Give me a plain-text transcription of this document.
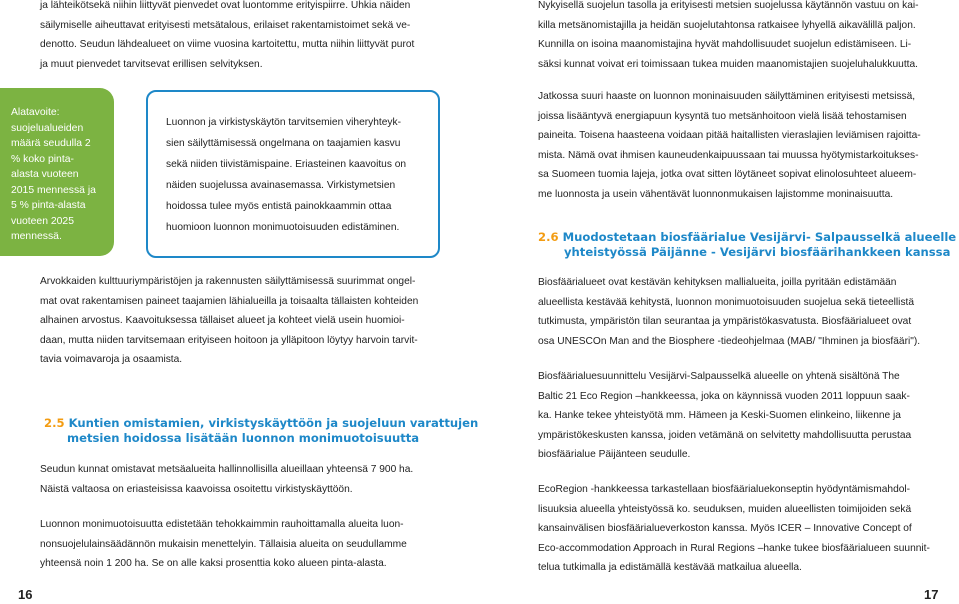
ja lähteikötsekä niihin liittyvät pienvedet ovat luontomme erityispiirre. Uhkia näiden
säilymiselle aiheuttavat erityisesti metsätalous, erilaiset rakentamistoimet sekä ve-
denotto. Seudun lähdealueet on viime vuosina kartoitettu, mutta niihin liittyvät purot
ja muut pienvedet tarvitsevat erillisen selvityksen.
Alatavoite:
suojelualueiden
määrä seudulla 2
% koko pinta-
alasta vuoteen
2015 mennessä ja
5 % pinta-alasta
vuoteen 2025
mennessä.
Luonnon ja virkistyskäytön tarvitsemien viheryhteyk-
sien säilyttämisessä ongelmana on taajamien kasvu
sekä niiden tiivistämispaine. Eriasteinen kaavoitus on
näiden suojelussa avainasemassa. Virkistymetsien
hoidossa tulee myös entistä painokkaammin ottaa
huomioon luonnon monimuotoisuuden edistäminen.
Arvokkaiden kulttuuriympäristöjen ja rakennusten säilyttämisessä suurimmat ongel-
mat ovat rakentamisen paineet taajamien lähialueilla ja toisaalta tällaisten kohteiden
alhainen arvostus. Kaavoituksessa tällaiset alueet ja kohteet vielä usein huomioi-
daan, mutta niiden tarvitsemaan erityiseen hoitoon ja ylläpitoon löytyy harvoin tarvit-
tavia voimavaroja ja osaamista.
2.5 Kuntien omistamien, virkistyskäyttöön ja suojeluun varattujen
metsien hoidossa lisätään luonnon monimuotoisuutta
Seudun kunnat omistavat metsäalueita hallinnollisilla alueillaan yhteensä 7 900 ha.
Näistä valtaosa on eriasteisissa kaavoissa osoitettu virkistyskäyttöön.
Luonnon monimuotoisuutta edistetään tehokkaimmin rauhoittamalla alueita luon-
nonsuojelulainsäädännön mukaisin menettelyin. Tällaisia alueita on seudullamme
yhteensä noin 1 200 ha. Se on alle kaksi prosenttia koko alueen pinta-alasta.
16
Nykyisellä suojelun tasolla ja erityisesti metsien suojelussa käytännön vastuu on kai-
killa metsänomistajilla ja heidän suojelutahtonsa ratkaisee lyhyellä aikavälillä paljon.
Kunnilla on isoina maanomistajina hyvät mahdollisuudet suojelun edistämiseen. Li-
säksi kunnat voivat eri toimissaan tukea muiden maanomistajien suojeluhalukkuutta.
Jatkossa suuri haaste on luonnon moninaisuuden säilyttäminen erityisesti metsissä,
joissa lisääntyvä energiapuun kysyntä tuo metsänhoitoon vielä lisää tehostamisen
paineita. Toisena haasteena voidaan pitää haitallisten vieraslajien leviämisen rajoitta-
mista. Nämä ovat ihmisen kauneudenkaipuussaan tai muussa hyötymistarkoitukses-
sa Suomeen tuomia lajeja, jotka ovat sitten löytäneet sopivat elinolosuhteet alueem-
me luonnosta ja usein vähentävät luonnonmukaisen lajistomme moninaisuutta.
2.6 Muodostetaan biosfäärialue Vesijärvi- Salpausselkä alueelle
yhteistyössä Päijänne - Vesijärvi biosfäärihankkeen kanssa
Biosfäärialueet ovat kestävän kehityksen mallialueita, joilla pyritään edistämään
alueellista kestävää kehitystä, luonnon monimuotoisuuden suojelua sekä tieteellistä
tutkimusta, ympäristön tilan seurantaa ja ympäristökasvatusta. Biosfäärialueet ovat
osa UNESCOn Man and the Biosphere -tiedeohjelmaa (MAB/ "Ihminen ja biosfääri").
Biosfäärialuesuunnittelu Vesijärvi-Salpausselkä alueelle on yhtenä sisältönä The
Baltic 21 Eco Region –hankkeessa, joka on käynnissä vuoden 2011 loppuun saak-
ka. Hanke tekee yhteistyötä mm. Hämeen ja Keski-Suomen elinkeino, liikenne ja
ympäristökeskusten kanssa, joiden vetämänä on selvitetty mahdollisuutta perustaa
biosfäärialue Päijänteen seudulle.
EcoRegion -hankkeessa tarkastellaan biosfäärialuekonseptin hyödyntämismahdol-
lisuuksia alueella yhteistyössä ko. seuduksen, muiden alueellisten toimijoiden sekä
kansainvälisen biosfäärialueverkoston kanssa. Myös ICER – Innovative Concept of
Eco-accommodation Approach in Rural Regions –hanke tukee biosfäärialueen suunnit-
telua tutkimalla ja edistämällä kestävää matkailua alueella.
17
